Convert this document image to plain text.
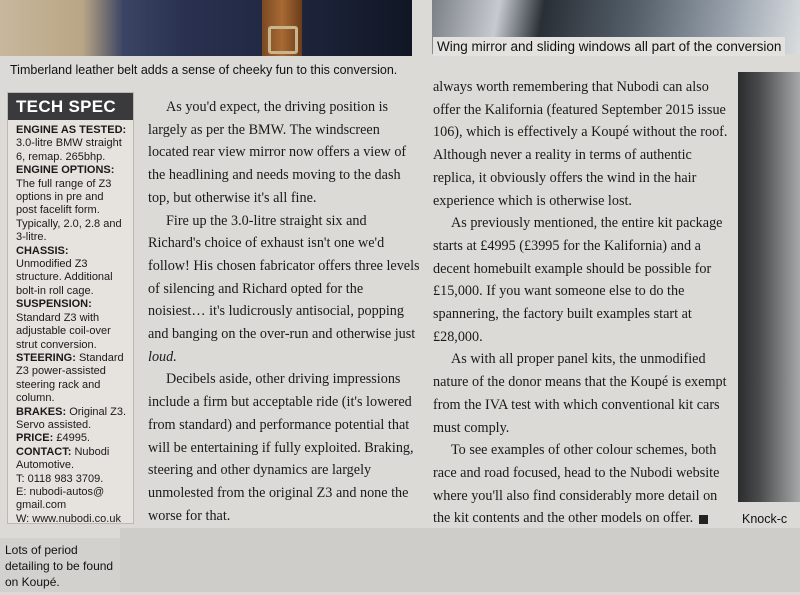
Timberland leather belt adds a sense of cheeky fun to this conversion.
Wing mirror and sliding windows all part of the conversion
Knock-c
TECH SPEC
ENGINE AS TESTED: 3.0-litre BMW straight 6, remap. 265bhp.
ENGINE OPTIONS: The full range of Z3 options in pre and post facelift form. Typically, 2.0, 2.8 and 3-litre.
CHASSIS: Unmodified Z3 structure. Additional bolt-in roll cage.
SUSPENSION: Standard Z3 with adjustable coil-over strut conversion.
STEERING: Standard Z3 power-assisted steering rack and column.
BRAKES: Original Z3. Servo assisted.
PRICE: £4995.
CONTACT: Nubodi Automotive.
T: 0118 983 3709.
E: nubodi-autos@ gmail.com
W: www.nubodi.co.uk

As you'd expect, the driving position is largely as per the BMW. The windscreen located rear view mirror now offers a view of the headlining and needs moving to the dash top, but otherwise it's all fine.

Fire up the 3.0-litre straight six and Richard's choice of exhaust isn't one we'd follow! His chosen fabricator offers three levels of silencing and Richard opted for the noisiest… it's ludicrously antisocial, popping and banging on the over-run and otherwise just loud.

Decibels aside, other driving impressions include a firm but acceptable ride (it's lowered from standard) and performance potential that will be entertaining if fully exploited. Braking, steering and other dynamics are largely unmolested from the original Z3 and none the worse for that.

always worth remembering that Nubodi can also offer the Kalifornia (featured September 2015 issue 106), which is effectively a Koupé without the roof. Although never a reality in terms of authentic replica, it obviously offers the wind in the hair experience which is otherwise lost.

As previously mentioned, the entire kit package starts at £4995 (£3995 for the Kalifornia) and a decent homebuilt example should be possible for £15,000. If you want someone else to do the spannering, the factory built examples start at £28,000.

As with all proper panel kits, the unmodified nature of the donor means that the Koupé is exempt from the IVA test with which conventional kit cars must comply.

To see examples of other colour schemes, both race and road focused, head to the Nubodi website where you'll also find considerably more detail on the kit contents and the other models on offer.

Lots of period detailing to be found on Koupé.
